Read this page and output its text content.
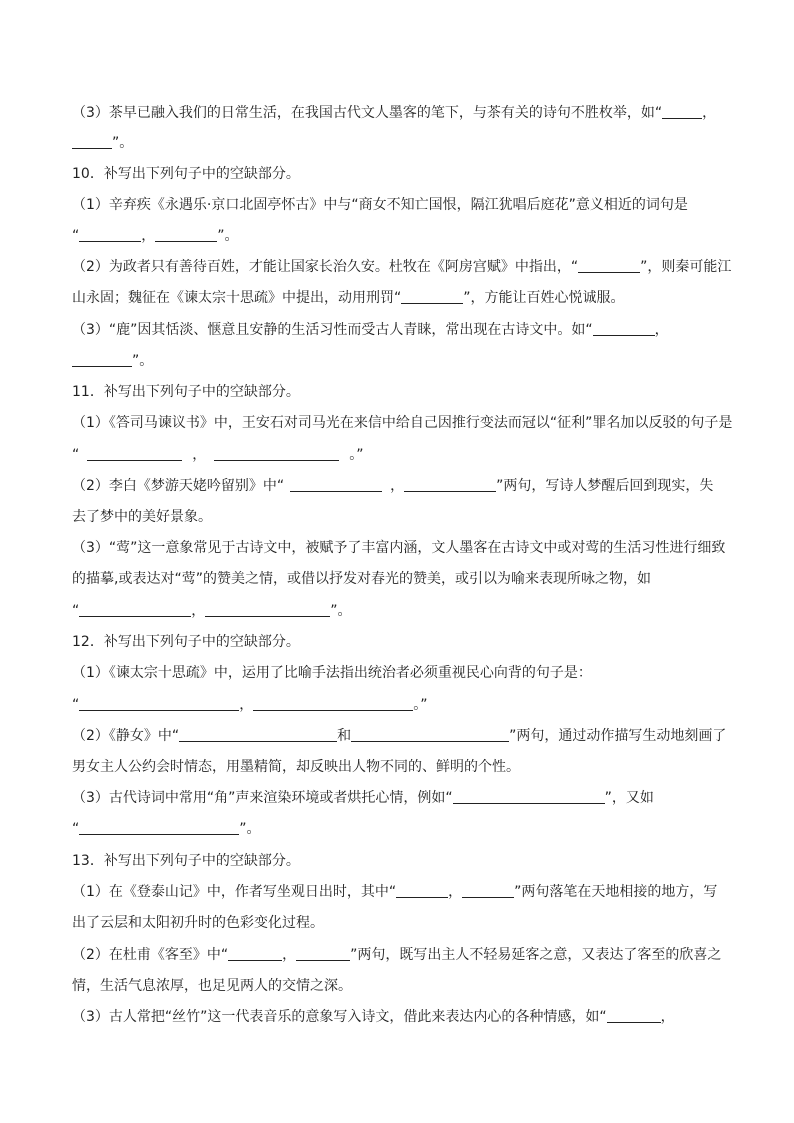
（3）茶早已融入我们的日常生活，在我国古代文人墨客的笔下，与茶有关的诗句不胜枚举，如“	，
”。
10．补写出下列句子中的空缺部分。
（1）辛弃疾《永遇乐·京口北固亭怀古》中与“商女不知亡国恨，隔江犹唱后庭花”意义相近的词句是
“	，	”。
（2）为政者只有善待百姓，才能让国家长治久安。杜牧在《阿房宫赋》中指出，“	”，则秦可能江
山永固；魏征在《谏太宗十思疏》中提出，动用刑罚“	”，方能让百姓心悦诚服。
（3）“鹿”因其恬淡、惬意且安静的生活习性而受古人青睐，常出现在古诗文中。如“	，
”。
11．补写出下列句子中的空缺部分。
（1）《答司马谏议书》中，王安石对司马光在来信中给自己因推行变法而冠以“征利”罪名加以反驳的句子是
“	，	。”
（2）李白《梦游天姥吟留别》中“	，	”两句，写诗人梦醒后回到现实，失
去了梦中的美好景象。
（3）“莺”这一意象常见于古诗文中，被赋予了丰富内涵，文人墨客在古诗文中或对莺的生活习性进行细致
的描摹,或表达对“莺”的赞美之情，或借以抒发对春光的赞美，或引以为喻来表现所咏之物，如
“	，	”。
12．补写出下列句子中的空缺部分。
（1）《谏太宗十思疏》中，运用了比喻手法指出统治者必须重视民心向背的句子是：
“	，	。”
（2）《静女》中“	和	”两句，通过动作描写生动地刻画了
男女主人公约会时情态，用墨精简，却反映出人物不同的、鲜明的个性。
（3）古代诗词中常用“角”声来渲染环境或者烘托心情，例如“	”，又如
“	”。
13．补写出下列句子中的空缺部分。
（1）在《登泰山记》中，作者写坐观日出时，其中“	，	”两句落笔在天地相接的地方，写
出了云层和太阳初升时的色彩变化过程。
（2）在杜甫《客至》中“	，	”两句，既写出主人不轻易延客之意，又表达了客至的欣喜之
情，生活气息浓厚，也足见两人的交情之深。
（3）古人常把“丝竹”这一代表音乐的意象写入诗文，借此来表达内心的各种情感，如“	，
